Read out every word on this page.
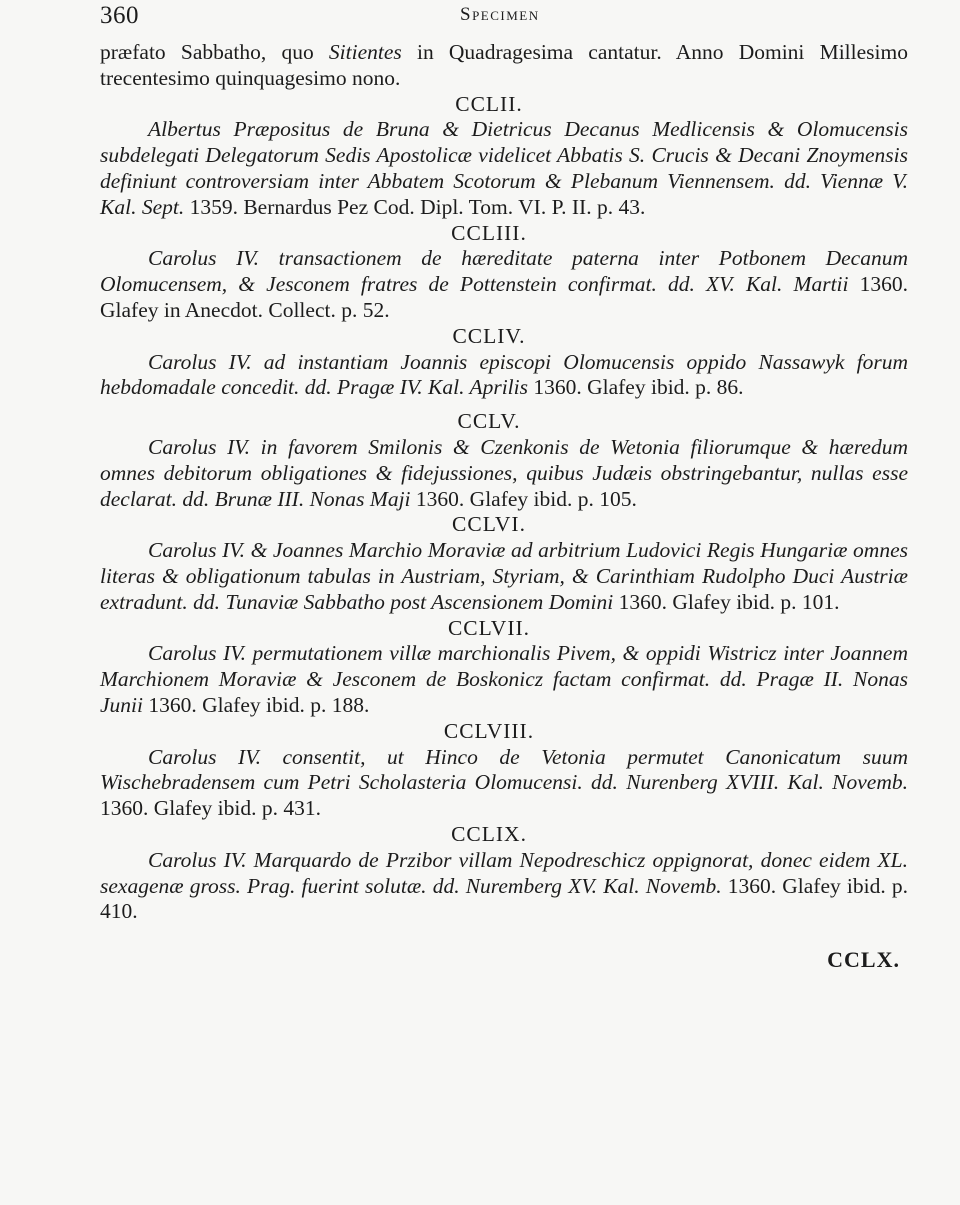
360	Specimen

præfato Sabbatho, quo Sitientes in Quadragesima cantatur. Anno Domini Millesimo trecentesimo quinquagesimo nono.

CCLII.

Albertus Præpositus de Bruna & Dietricus Decanus Medlicensis & Olomucensis subdelegati Delegatorum Sedis Apostolicæ videlicet Abbatis S. Crucis & Decani Znoymensis definiunt controversiam inter Abbatem Scotorum & Plebanum Viennensem. dd. Viennæ V. Kal. Sept. 1359. Bernardus Pez Cod. Dipl. Tom. VI. P. II. p. 43.

CCLIII.

Carolus IV. transactionem de hæreditate paterna inter Potbonem Decanum Olomucensem, & Jesconem fratres de Pottenstein confirmat. dd. XV. Kal. Martii 1360. Glafey in Anecdot. Collect. p. 52.

CCLIV.

Carolus IV. ad instantiam Joannis episcopi Olomucensis oppido Nassawyk forum hebdomadale concedit. dd. Pragæ IV. Kal. Aprilis 1360. Glafey ibid. p. 86.

CCLV.

Carolus IV. in favorem Smilonis & Czenkonis de Wetonia filiorumque & hæredum omnes debitorum obligationes & fidejussiones, quibus Judæis obstringebantur, nullas esse declarat. dd. Brunæ III. Nonas Maji 1360. Glafey ibid. p. 105.

CCLVI.

Carolus IV. & Joannes Marchio Moraviæ ad arbitrium Ludovici Regis Hungariæ omnes literas & obligationum tabulas in Austriam, Styriam, & Carinthiam Rudolpho Duci Austriæ extradunt. dd. Tunaviæ Sabbatho post Ascensionem Domini 1360. Glafey ibid. p. 101.

CCLVII.

Carolus IV. permutationem villæ marchionalis Pivem, & oppidi Wistricz inter Joannem Marchionem Moraviæ & Jesconem de Boskonicz factam confirmat. dd. Pragæ II. Nonas Junii 1360. Glafey ibid. p. 188.

CCLVIII.

Carolus IV. consentit, ut Hinco de Vetonia permutet Canonicatum suum Wischebradensem cum Petri Scholasteria Olomucensi. dd. Nurenberg XVIII. Kal. Novemb. 1360. Glafey ibid. p. 431.

CCLIX.

Carolus IV. Marquardo de Przibor villam Nepodreschicz oppignorat, donec eidem XL. sexagenæ gross. Prag. fuerint solutæ. dd. Nuremberg XV. Kal. Novemb. 1360. Glafey ibid. p. 410.

CCLX.
